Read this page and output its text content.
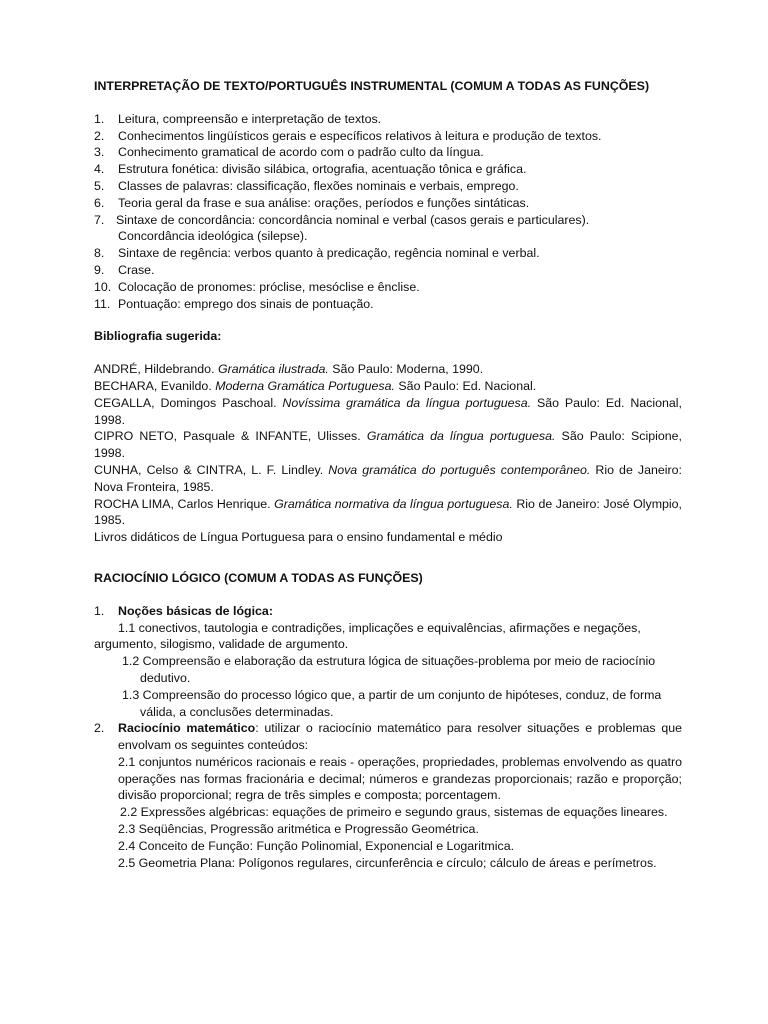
INTERPRETAÇÃO DE TEXTO/PORTUGUÊS INSTRUMENTAL (COMUM A TODAS AS FUNÇÕES)

1.	Leitura, compreensão e interpretação de textos.
2.	Conhecimentos lingüísticos gerais e específicos relativos à leitura e produção de textos.
3.	Conhecimento gramatical de acordo com o padrão culto da língua.
4.	Estrutura fonética: divisão silábica, ortografia, acentuação tônica e gráfica.
5.	Classes de palavras: classificação, flexões nominais e verbais, emprego.
6.	Teoria geral da frase e sua análise: orações, períodos e funções sintáticas.
7. Sintaxe de concordância: concordância nominal e verbal (casos gerais e particulares).
Concordância ideológica (silepse).
8.	Sintaxe de regência: verbos quanto à predicação, regência nominal e verbal.
9.	Crase.
10. Colocação de pronomes: próclise, mesóclise e ênclise.
11. Pontuação: emprego dos sinais de pontuação.

Bibliografia sugerida:

ANDRÉ, Hildebrando. Gramática ilustrada. São Paulo: Moderna, 1990.

BECHARA, Evanildo. Moderna Gramática Portuguesa. São Paulo: Ed. Nacional.

CEGALLA, Domingos Paschoal. Novíssima gramática da língua portuguesa. São Paulo: Ed. Nacional, 1998.

CIPRO NETO, Pasquale & INFANTE, Ulisses. Gramática da língua portuguesa. São Paulo: Scipione, 1998.

CUNHA, Celso & CINTRA, L. F. Lindley. Nova gramática do português contemporâneo. Rio de Janeiro: Nova Fronteira, 1985.

ROCHA LIMA, Carlos Henrique. Gramática normativa da língua portuguesa. Rio de Janeiro: José Olympio, 1985.

Livros didáticos de Língua Portuguesa para o ensino fundamental e médio

RACIOCÍNIO LÓGICO (COMUM A TODAS AS FUNÇÕES)

1.	Noções básicas de lógica:

1.1 conectivos, tautologia e contradições, implicações e equivalências, afirmações e negações, argumento, silogismo, validade de argumento.

1.2 Compreensão e elaboração da estrutura lógica de situações-problema por meio de raciocínio dedutivo.

1.3 Compreensão do processo lógico que, a partir de um conjunto de hipóteses, conduz, de forma válida, a conclusões determinadas.

2.	Raciocínio matemático: utilizar o raciocínio matemático para resolver situações e problemas que envolvam os seguintes conteúdos:

2.1 conjuntos numéricos racionais e reais - operações, propriedades, problemas envolvendo as quatro operações nas formas fracionária e decimal; números e grandezas proporcionais; razão e proporção; divisão proporcional; regra de três simples e composta; porcentagem.

2.2 Expressões algébricas: equações de primeiro e segundo graus, sistemas de equações lineares.

2.3 Seqüências, Progressão aritmética e Progressão Geométrica.

2.4 Conceito de Função: Função Polinomial, Exponencial e Logaritmica.

2.5 Geometria Plana: Polígonos regulares, circunferência e círculo; cálculo de áreas e perímetros.
